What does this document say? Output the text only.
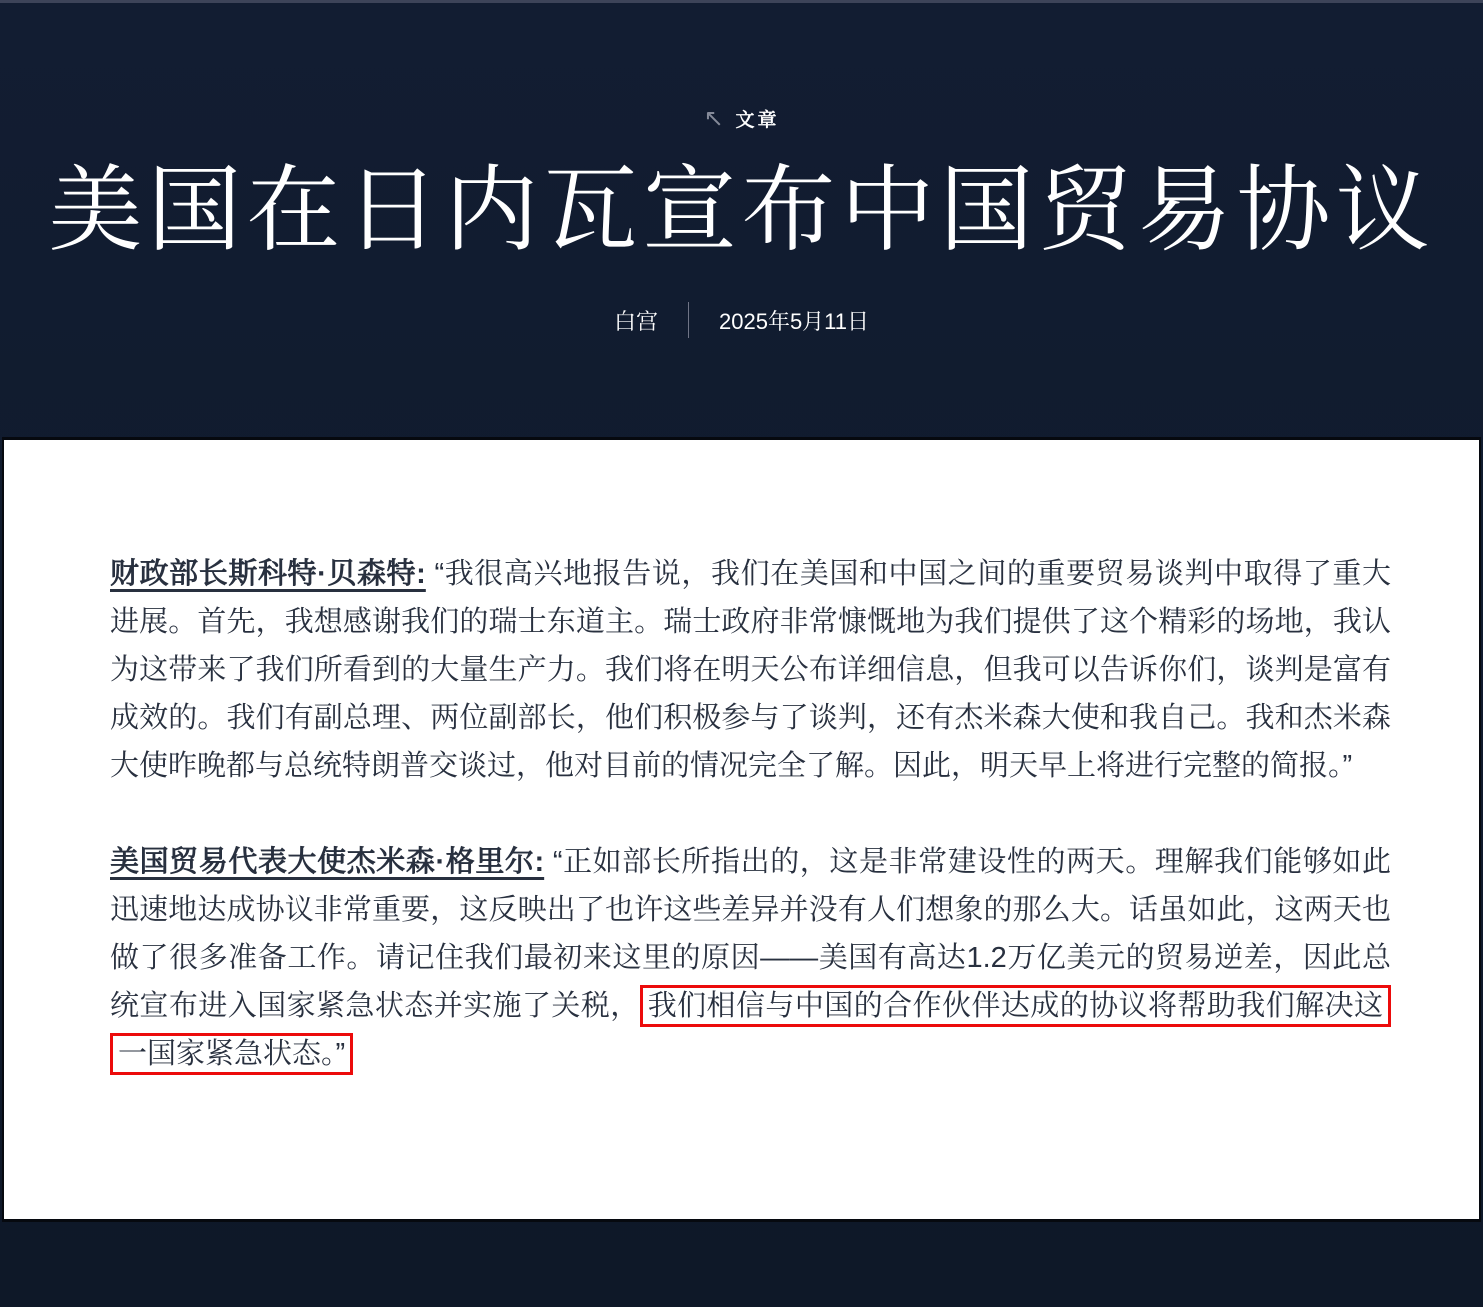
↖ 文章
美国在日内瓦宣布中国贸易协议
白宫	2025年5月11日

财政部长斯科特·贝森特: “我很高兴地报告说，我们在美国和中国之间的重要贸易谈判中取得了重大进展。首先，我想感谢我们的瑞士东道主。瑞士政府非常慷慨地为我们提供了这个精彩的场地，我认为这带来了我们所看到的大量生产力。我们将在明天公布详细信息，但我可以告诉你们，谈判是富有成效的。我们有副总理、两位副部长，他们积极参与了谈判，还有杰米森大使和我自己。我和杰米森大使昨晚都与总统特朗普交谈过，他对目前的情况完全了解。因此，明天早上将进行完整的简报。”

美国贸易代表大使杰米森·格里尔: “正如部长所指出的，这是非常建设性的两天。理解我们能够如此迅速地达成协议非常重要，这反映出了也许这些差异并没有人们想象的那么大。话虽如此，这两天也做了很多准备工作。请记住我们最初来这里的原因——美国有高达1.2万亿美元的贸易逆差，因此总统宣布进入国家紧急状态并实施了关税， 我们相信与中国的合作伙伴达成的协议将帮助我们解决这一国家紧急状态。”
